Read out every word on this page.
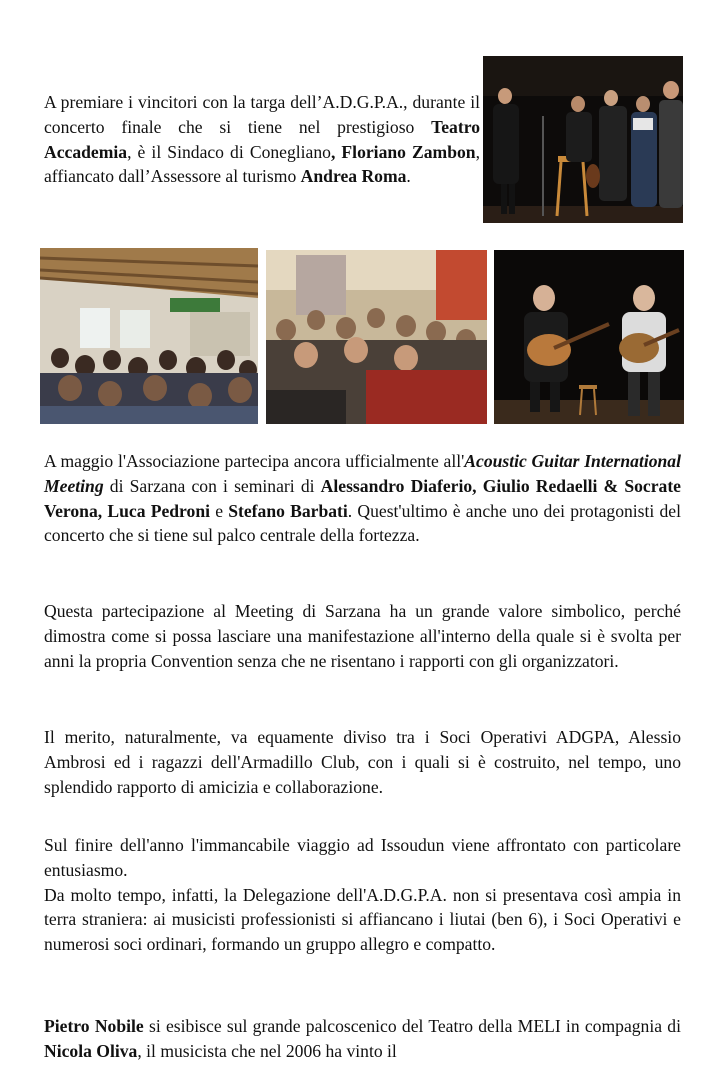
A premiare i vincitori con la targa dell’A.D.G.P.A., durante il concerto finale che si tiene nel prestigioso Teatro Accademia, è il Sindaco di Conegliano, Floriano Zambon, affiancato dall’Assessore al turismo Andrea Roma.

A maggio l'Associazione partecipa ancora ufficialmente all'Acoustic Guitar International Meeting di Sarzana con i seminari di Alessandro Diaferio, Giulio Redaelli & Socrate Verona, Luca Pedroni e Stefano Barbati. Quest'ultimo è anche uno dei protagonisti del concerto che si tiene sul palco centrale della fortezza.

Questa partecipazione al Meeting di Sarzana ha un grande valore simbolico, perché dimostra come si possa lasciare una manifestazione all'interno della quale si è svolta per anni la propria Convention senza che ne risentano i rapporti con gli organizzatori.

Il merito, naturalmente, va equamente diviso tra i Soci Operativi ADGPA, Alessio Ambrosi ed i ragazzi dell'Armadillo Club, con i quali si è costruito, nel tempo, uno splendido rapporto di amicizia e collaborazione.

Sul finire dell'anno l'immancabile viaggio ad Issoudun viene affrontato con particolare entusiasmo.
Da molto tempo, infatti, la Delegazione dell'A.D.G.P.A. non si presentava così ampia in terra straniera: ai musicisti professionisti si affiancano i liutai (ben 6), i Soci Operativi e numerosi soci ordinari, formando un gruppo allegro e compatto.

Pietro Nobile si esibisce sul grande palcoscenico del Teatro della MELI in compagnia di Nicola Oliva, il musicista che nel 2006 ha vinto il
